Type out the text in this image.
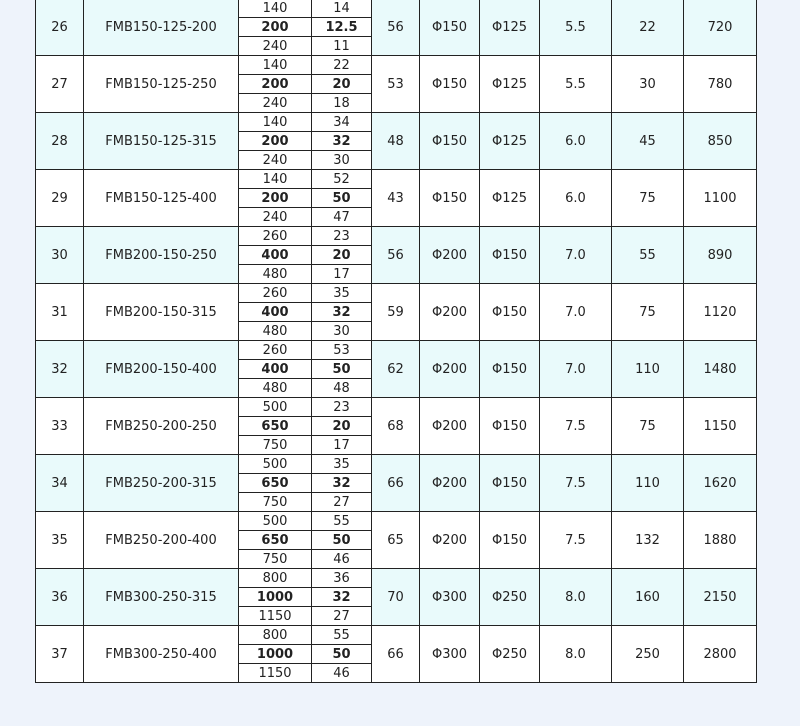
26	FMB150-125-200	140	14	56	Φ150	Φ125	5.5	22	720
		200	12.5						
		240	11						
27	FMB150-125-250	140	22	53	Φ150	Φ125	5.5	30	780
		200	20						
		240	18						
28	FMB150-125-315	140	34	48	Φ150	Φ125	6.0	45	850
		200	32						
		240	30						
29	FMB150-125-400	140	52	43	Φ150	Φ125	6.0	75	1100
		200	50						
		240	47						
30	FMB200-150-250	260	23	56	Φ200	Φ150	7.0	55	890
		400	20						
		480	17						
31	FMB200-150-315	260	35	59	Φ200	Φ150	7.0	75	1120
		400	32						
		480	30						
32	FMB200-150-400	260	53	62	Φ200	Φ150	7.0	110	1480
		400	50						
		480	48						
33	FMB250-200-250	500	23	68	Φ200	Φ150	7.5	75	1150
		650	20						
		750	17						
34	FMB250-200-315	500	35	66	Φ200	Φ150	7.5	110	1620
		650	32						
		750	27						
35	FMB250-200-400	500	55	65	Φ200	Φ150	7.5	132	1880
		650	50						
		750	46						
36	FMB300-250-315	800	36	70	Φ300	Φ250	8.0	160	2150
		1000	32						
		1150	27						
37	FMB300-250-400	800	55	66	Φ300	Φ250	8.0	250	2800
		1000	50						
		1150	46						
